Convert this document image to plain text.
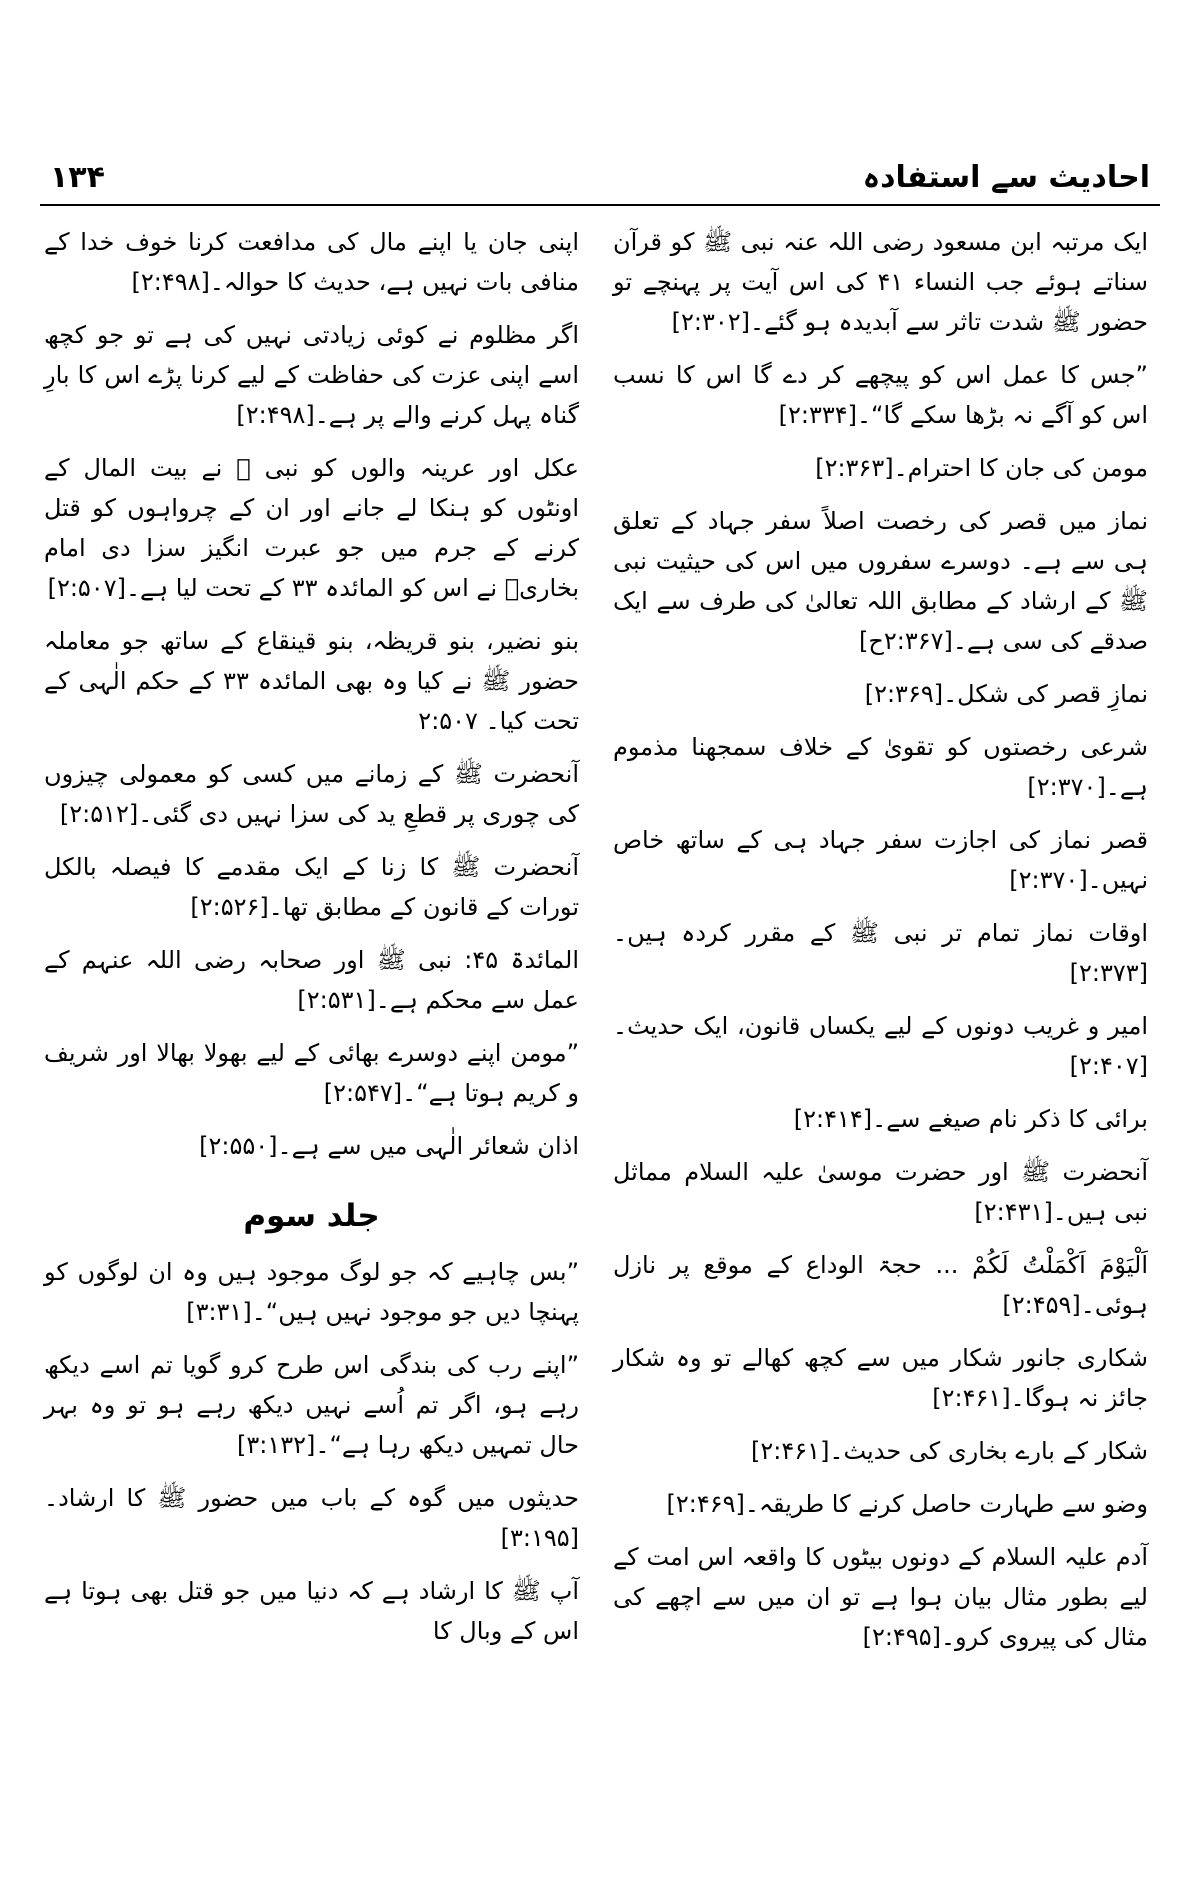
احادیث سے استفادہ
۱۳۴

ایک مرتبہ ابن مسعود رضی اللہ عنہ نبی ﷺ کو قرآن سناتے ہوئے جب النساء ۴۱ کی اس آیت پر پہنچے تو حضور ﷺ شدت تاثر سے آبدیدہ ہو گئے۔[۲:۳۰۲]

”جس کا عمل اس کو پیچھے کر دے گا اس کا نسب اس کو آگے نہ بڑھا سکے گا“۔[۲:۳۳۴]

مومن کی جان کا احترام۔[۲:۳۶۳]

نماز میں قصر کی رخصت اصلاً سفر جہاد کے تعلق ہی سے ہے۔ دوسرے سفروں میں اس کی حیثیت نبی ﷺ کے ارشاد کے مطابق اللہ تعالیٰ کی طرف سے ایک صدقے کی سی ہے۔[۲:۳۶۷ح]

نمازِ قصر کی شکل۔[۲:۳۶۹]

شرعی رخصتوں کو تقویٰ کے خلاف سمجھنا مذموم ہے۔[۲:۳۷۰]

قصر نماز کی اجازت سفر جہاد ہی کے ساتھ خاص نہیں۔[۲:۳۷۰]

اوقات نماز تمام تر نبی ﷺ کے مقرر کردہ ہیں۔[۲:۳۷۳]

امیر و غریب دونوں کے لیے یکساں قانون، ایک حدیث۔[۲:۴۰۷]

برائی کا ذکر نام صیغے سے۔[۲:۴۱۴]

آنحضرت ﷺ اور حضرت موسیٰ علیہ السلام مماثل نبی ہیں۔[۲:۴۳۱]

اَلْیَوْمَ اَکْمَلْتُ لَکُمْ ... حجۃ الوداع کے موقع پر نازل ہوئی۔[۲:۴۵۹]

شکاری جانور شکار میں سے کچھ کھالے تو وہ شکار جائز نہ ہوگا۔[۲:۴۶۱]

شکار کے بارے بخاری کی حدیث۔[۲:۴۶۱]

وضو سے طہارت حاصل کرنے کا طریقہ۔[۲:۴۶۹]

آدم علیہ السلام کے دونوں بیٹوں کا واقعہ اس امت کے لیے بطور مثال بیان ہوا ہے تو ان میں سے اچھے کی مثال کی پیروی کرو۔[۲:۴۹۵]

اپنی جان یا اپنے مال کی مدافعت کرنا خوف خدا کے منافی بات نہیں ہے، حدیث کا حوالہ۔[۲:۴۹۸]

اگر مظلوم نے کوئی زیادتی نہیں کی ہے تو جو کچھ اسے اپنی عزت کی حفاظت کے لیے کرنا پڑے اس کا بارِ گناہ پہل کرنے والے پر ہے۔[۲:۴۹۸]

عکل اور عرینہ والوں کو نبی ﷺ نے بیت المال کے اونٹوں کو ہنکا لے جانے اور ان کے چرواہوں کو قتل کرنے کے جرم میں جو عبرت انگیز سزا دی امام بخاریؒ نے اس کو المائدہ ۳۳ کے تحت لیا ہے۔[۲:۵۰۷]

بنو نضیر، بنو قریظہ، بنو قینقاع کے ساتھ جو معاملہ حضور ﷺ نے کیا وہ بھی المائدہ ۳۳ کے حکم الٰہی کے تحت کیا۔ ۲:۵۰۷

آنحضرت ﷺ کے زمانے میں کسی کو معمولی چیزوں کی چوری پر قطعِ ید کی سزا نہیں دی گئی۔[۲:۵۱۲]

آنحضرت ﷺ کا زنا کے ایک مقدمے کا فیصلہ بالکل تورات کے قانون کے مطابق تھا۔[۲:۵۲۶]

المائدۃ ۴۵: نبی ﷺ اور صحابہ رضی اللہ عنہم کے عمل سے محکم ہے۔[۲:۵۳۱]

”مومن اپنے دوسرے بھائی کے لیے بھولا بھالا اور شریف و کریم ہوتا ہے“۔[۲:۵۴۷]

اذان شعائر الٰہی میں سے ہے۔[۲:۵۵۰]

جلد سوم

”بس چاہیے کہ جو لوگ موجود ہیں وہ ان لوگوں کو پہنچا دیں جو موجود نہیں ہیں“۔[۳:۳۱]

”اپنے رب کی بندگی اس طرح کرو گویا تم اسے دیکھ رہے ہو، اگر تم اُسے نہیں دیکھ رہے ہو تو وہ بہر حال تمہیں دیکھ رہا ہے“۔[۳:۱۳۲]

حدیثوں میں گوہ کے باب میں حضور ﷺ کا ارشاد۔[۳:۱۹۵]

آپ ﷺ کا ارشاد ہے کہ دنیا میں جو قتل بھی ہوتا ہے اس کے وبال کا
